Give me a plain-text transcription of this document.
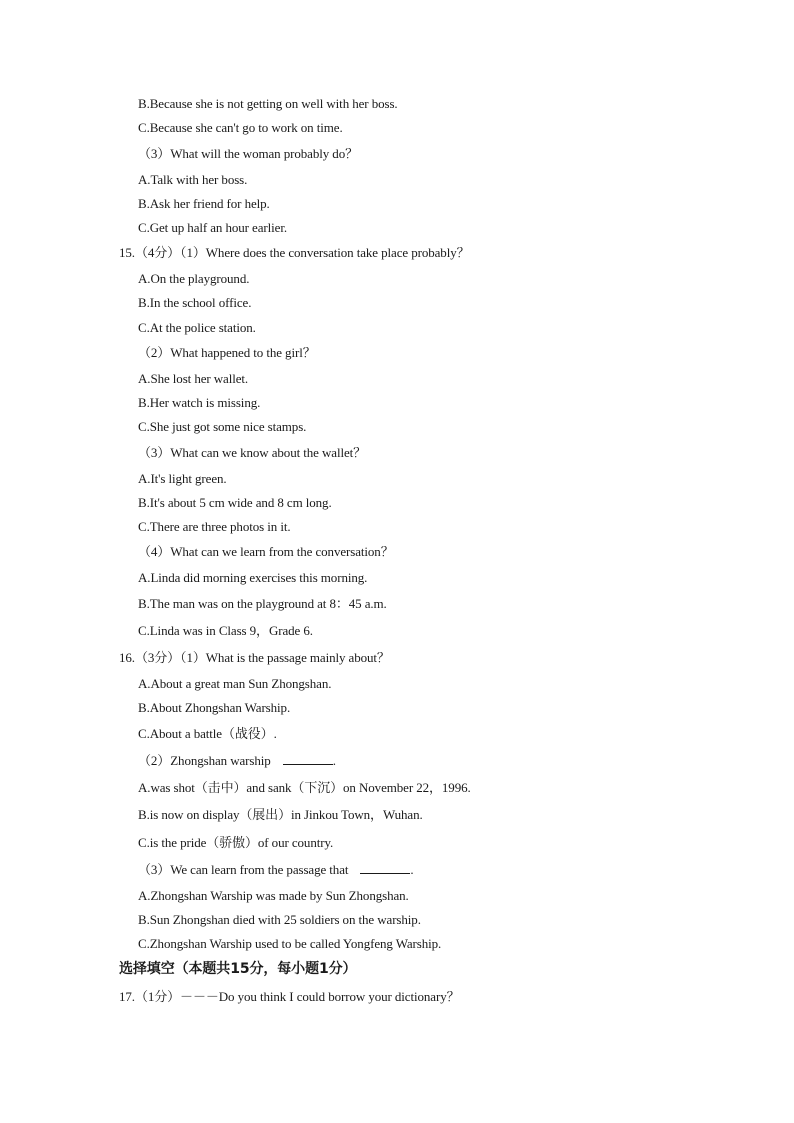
B.Because she is not getting on well with her boss.
C.Because she can't go to work on time.
（3）What will the woman probably do？
A.Talk with her boss.
B.Ask her friend for help.
C.Get up half an hour earlier.
15.（4分）（1）Where does the conversation take place probably？
A.On the playground.
B.In the school office.
C.At the police station.
（2）What happened to the girl？
A.She lost her wallet.
B.Her watch is missing.
C.She just got some nice stamps.
（3）What can we know about the wallet？
A.It's light green.
B.It's about 5 cm wide and 8 cm long.
C.There are three photos in it.
（4）What can we learn from the conversation？
A.Linda did morning exercises this morning.
B.The man was on the playground at 8：45 a.m.
C.Linda was in Class 9，Grade 6.
16.（3分）（1）What is the passage mainly about？
A.About a great man Sun Zhongshan.
B.About Zhongshan Warship.
C.About a battle（战役）.
（2）Zhongshan warship	.
A.was shot（击中）and sank（下沉）on November 22，1996.
B.is now on display（展出）in Jinkou Town，Wuhan.
C.is the pride（骄傲）of our country.
（3）We can learn from the passage that	.
A.Zhongshan Warship was made by Sun Zhongshan.
B.Sun Zhongshan died with 25 soldiers on the warship.
C.Zhongshan Warship used to be called Yongfeng Warship.
选择填空（本题共15分，每小题1分）
17.（1分）－－－Do you think I could borrow your dictionary？
